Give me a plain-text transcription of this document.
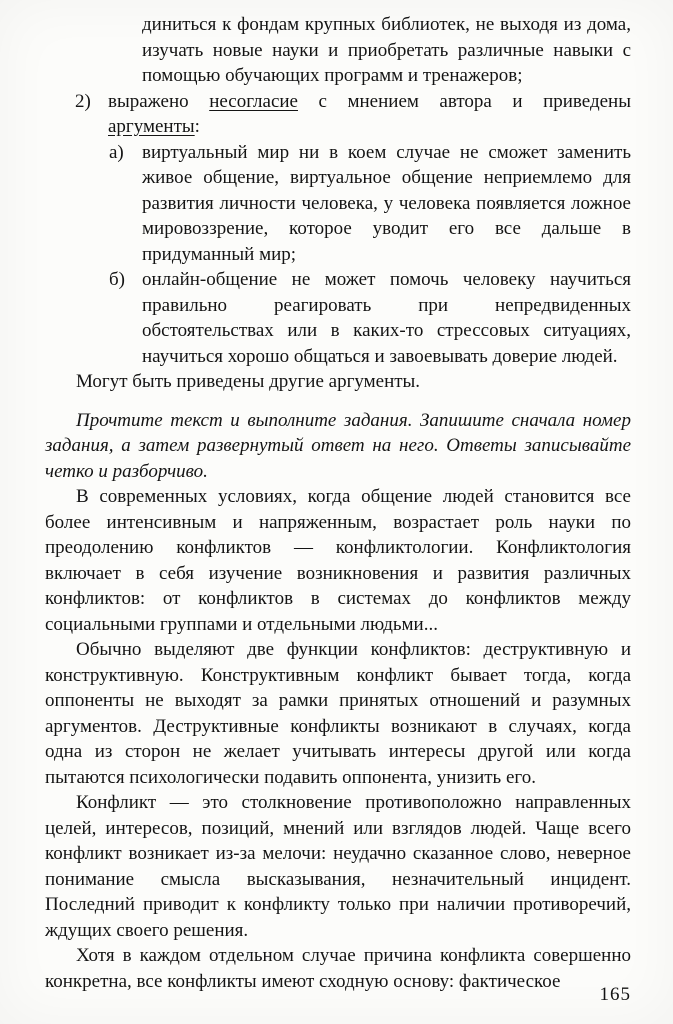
диниться к фондам крупных библиотек, не выходя из дома, изучать новые науки и приобретать различные навыки с помощью обучающих программ и тренажеров;

2) выражено несогласие с мнением автора и приведены аргументы:

а) виртуальный мир ни в коем случае не сможет заменить живое общение, виртуальное общение неприемлемо для развития личности человека, у человека появляется ложное мировоззрение, которое уводит его все дальше в придуманный мир;

б) онлайн-общение не может помочь человеку научиться правильно реагировать при непредвиденных обстоятельствах или в каких-то стрессовых ситуациях, научиться хорошо общаться и завоевывать доверие людей.

Могут быть приведены другие аргументы.

Прочтите текст и выполните задания. Запишите сначала номер задания, а затем развернутый ответ на него. Ответы записывайте четко и разборчиво.

В современных условиях, когда общение людей становится все более интенсивным и напряженным, возрастает роль науки по преодолению конфликтов — конфликтологии. Конфликтология включает в себя изучение возникновения и развития различных конфликтов: от конфликтов в системах до конфликтов между социальными группами и отдельными людьми...

Обычно выделяют две функции конфликтов: деструктивную и конструктивную. Конструктивным конфликт бывает тогда, когда оппоненты не выходят за рамки принятых отношений и разумных аргументов. Деструктивные конфликты возникают в случаях, когда одна из сторон не желает учитывать интересы другой или когда пытаются психологически подавить оппонента, унизить его.

Конфликт — это столкновение противоположно направленных целей, интересов, позиций, мнений или взглядов людей. Чаще всего конфликт возникает из-за мелочи: неудачно сказанное слово, неверное понимание смысла высказывания, незначительный инцидент. Последний приводит к конфликту только при наличии противоречий, ждущих своего решения.

Хотя в каждом отдельном случае причина конфликта совершенно конкретна, все конфликты имеют сходную основу: фактическое

165
